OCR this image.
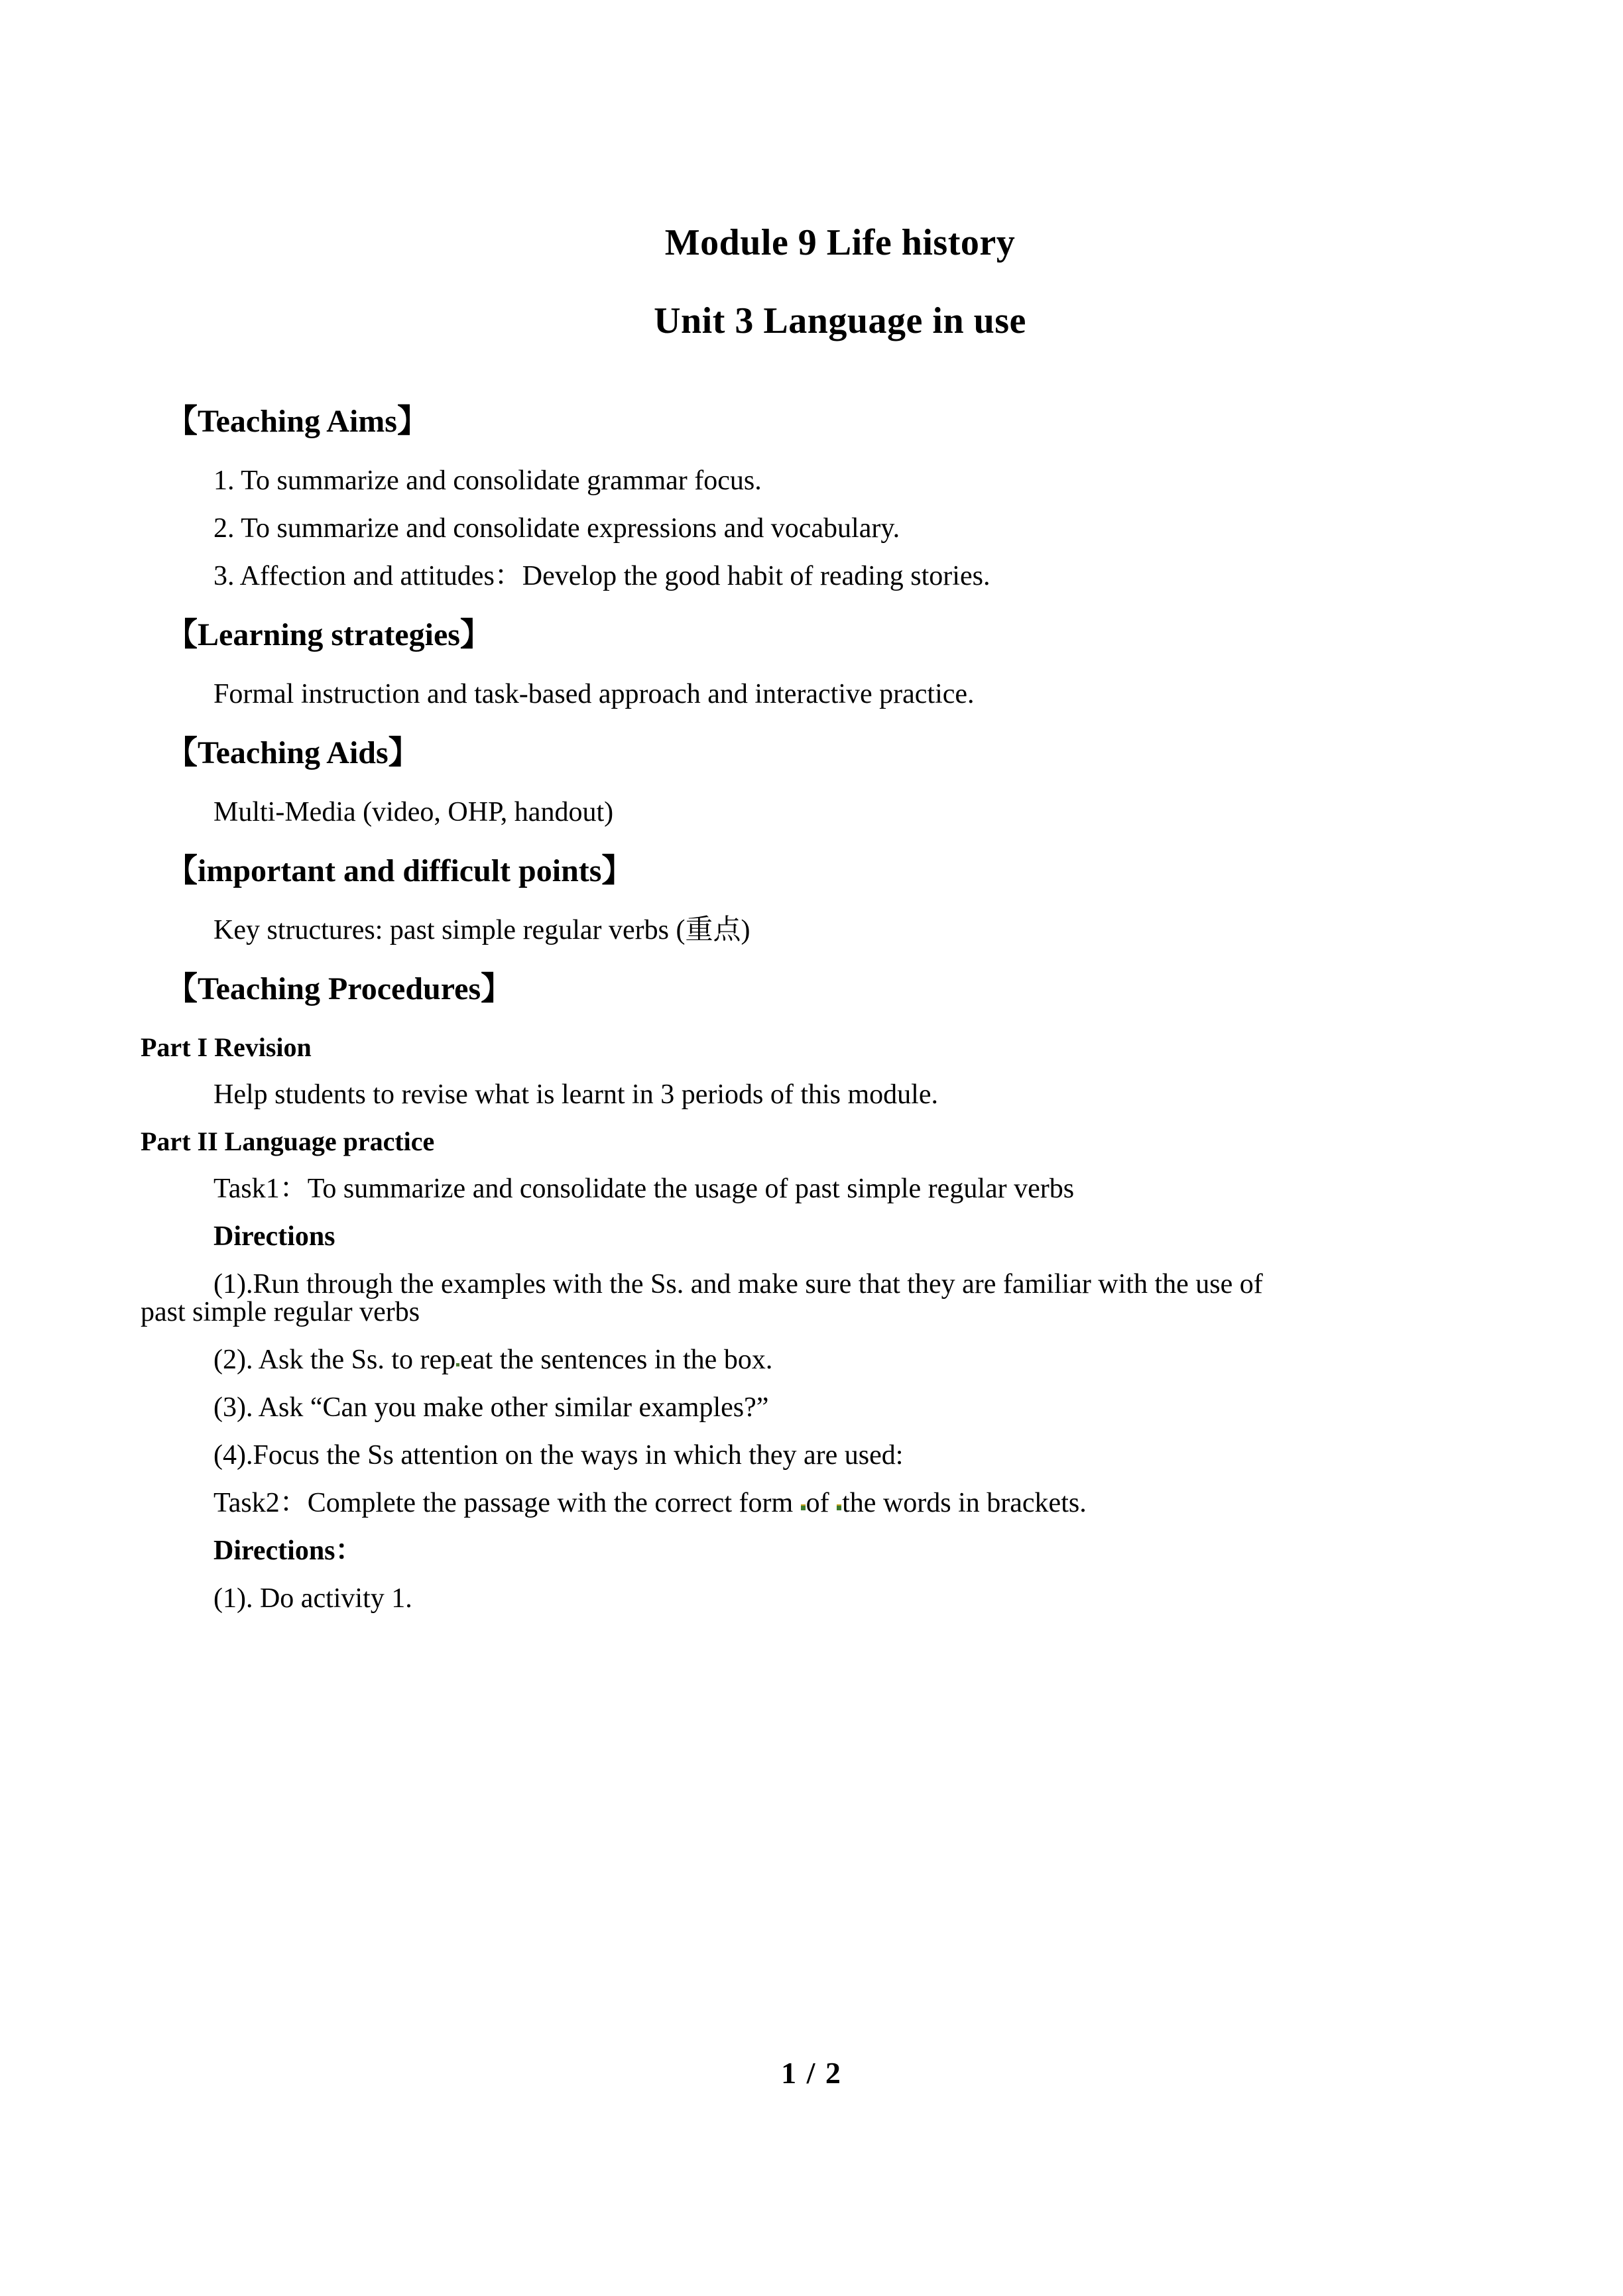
Module 9 Life history
Unit 3 Language in use
【Teaching Aims】
1. To summarize and consolidate grammar focus.
2. To summarize and consolidate expressions and vocabulary.
3. Affection and attitudes：Develop the good habit of reading stories.
【Learning strategies】
Formal instruction and task-based approach and interactive practice.
【Teaching Aids】
Multi-Media (video, OHP, handout)
【important and difficult points】
Key structures: past simple regular verbs (重点)
【Teaching Procedures】
Part I Revision
Help students to revise what is learnt in 3 periods of this module.
Part II Language practice
Task1：To summarize and consolidate the usage of past simple regular verbs
Directions
(1).Run through the examples with the Ss. and make sure that they are familiar with the use of
past simple regular verbs
(2). Ask the Ss. to rep eat the sentences in the box.
(3). Ask “Can you make other similar examples?”
(4).Focus the Ss attention on the ways in which they are used:
Task2：Complete the passage with the correct form of the words in brackets.
Directions：
(1). Do activity 1.
1 / 2
